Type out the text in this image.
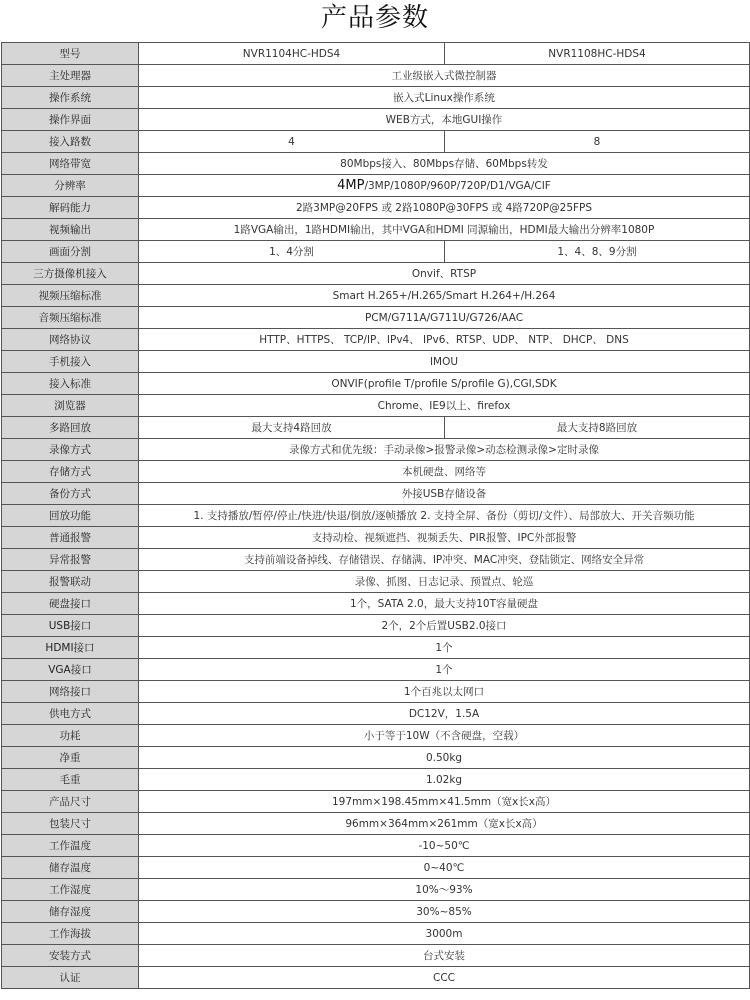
产品参数
型号	NVR1104HC-HDS4	NVR1108HC-HDS4
主处理器	工业级嵌入式微控制器	
操作系统	嵌入式Linux操作系统	
操作界面	WEB方式，本地GUI操作	
接入路数	4	8
网络带宽	80Mbps接入、80Mbps存储、60Mbps转发	
分辨率	4MP/3MP/1080P/960P/720P/D1/VGA/CIF	
解码能力	2路3MP@20FPS 或 2路1080P@30FPS 或 4路720P@25FPS	
视频输出	1路VGA输出，1路HDMI输出，其中VGA和HDMI 同源输出，HDMI最大输出分辨率1080P	
画面分割	1、4分割	1、4、8、9分割
三方摄像机接入	Onvif、RTSP	
视频压缩标准	Smart H.265+/H.265/Smart H.264+/H.264	
音频压缩标准	PCM/G711A/G711U/G726/AAC	
网络协议	HTTP、HTTPS、 TCP/IP、IPv4、 IPv6、RTSP、UDP、 NTP、 DHCP、 DNS	
手机接入	IMOU	
接入标准	ONVIF(profile T/profile S/profile G),CGI,SDK	
浏览器	Chrome、IE9以上、firefox	
多路回放	最大支持4路回放	最大支持8路回放
录像方式	录像方式和优先级：手动录像>报警录像>动态检测录像>定时录像	
存储方式	本机硬盘、网络等	
备份方式	外接USB存储设备	
回放功能	1. 支持播放/暂停/停止/快进/快退/倒放/逐帧播放 2. 支持全屏、备份（剪切/文件）、局部放大、开关音频功能	
普通报警	支持动检、视频遮挡、视频丢失、PIR报警、IPC外部报警	
异常报警	支持前端设备掉线、存储错误、存储满、IP冲突、MAC冲突、登陆锁定、网络安全异常	
报警联动	录像、抓图、日志记录、预置点、轮巡	
硬盘接口	1个，SATA 2.0，最大支持10T容量硬盘	
USB接口	2个，2个后置USB2.0接口	
HDMI接口	1个	
VGA接口	1个	
网络接口	1个百兆以太网口	
供电方式	DC12V，1.5A	
功耗	小于等于10W（不含硬盘，空载）	
净重	0.50kg	
毛重	1.02kg	
产品尺寸	197mm×198.45mm×41.5mm（宽x长x高）	
包装尺寸	96mm×364mm×261mm（宽x长x高）	
工作温度	-10~50℃	
储存温度	0~40℃	
工作湿度	10%～93%	
储存湿度	30%~85%	
工作海拔	3000m	
安装方式	台式安装	
认证	CCC	
